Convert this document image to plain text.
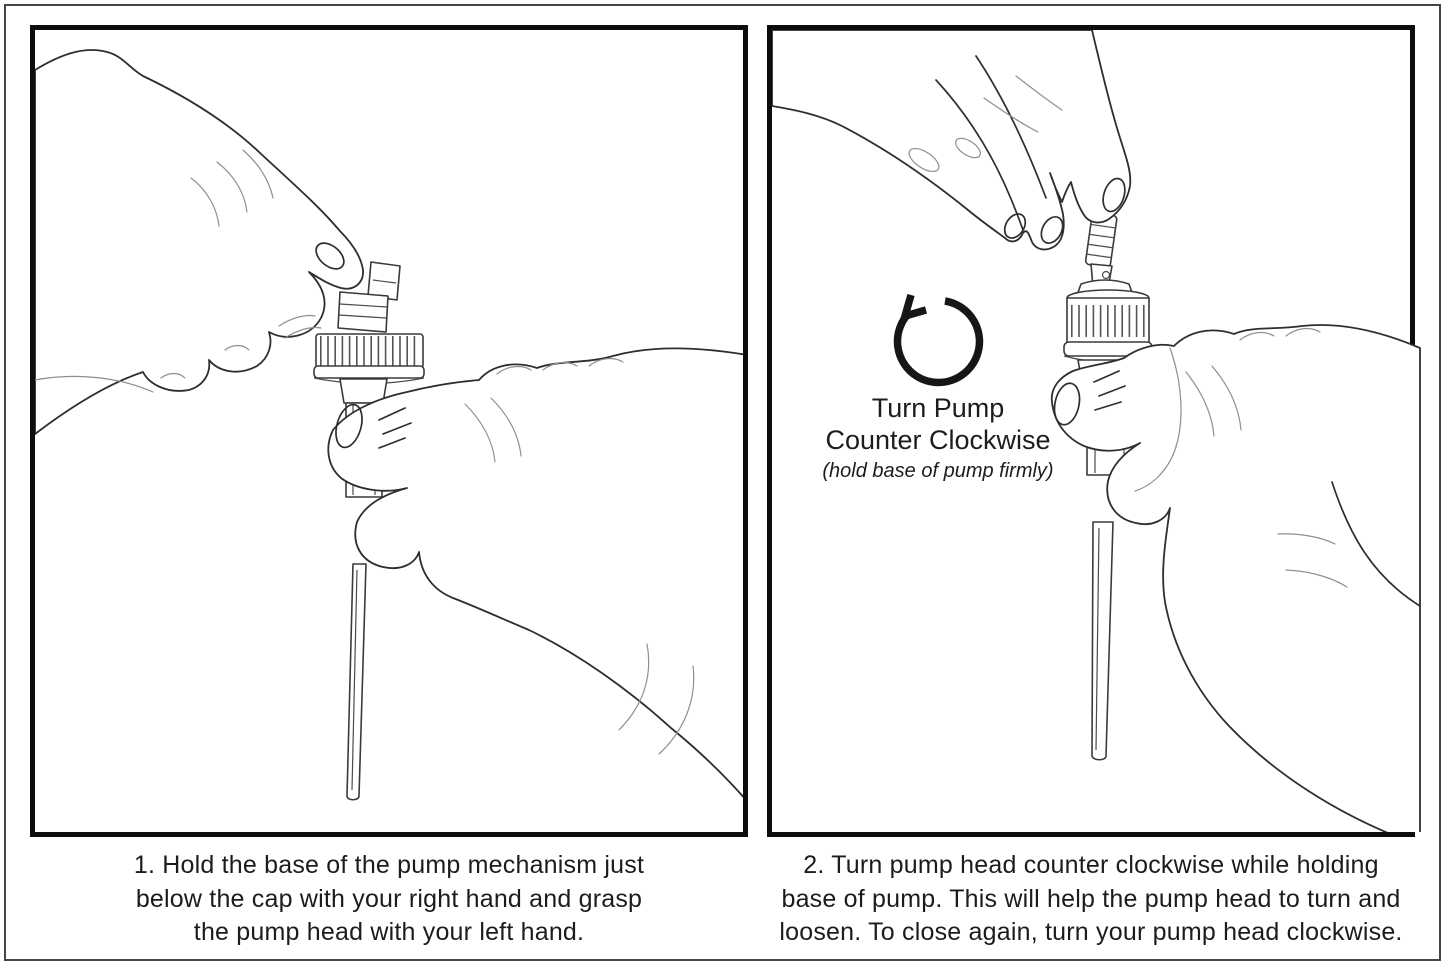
Turn Pump
Counter Clockwise
(hold base of pump firmly)
1. Hold the base of the pump mechanism just
below the cap with your right hand and grasp
the pump head with your left hand.
2. Turn pump head counter clockwise while holding
base of pump. This will help the pump head to turn and
loosen. To close again, turn your pump head clockwise.
